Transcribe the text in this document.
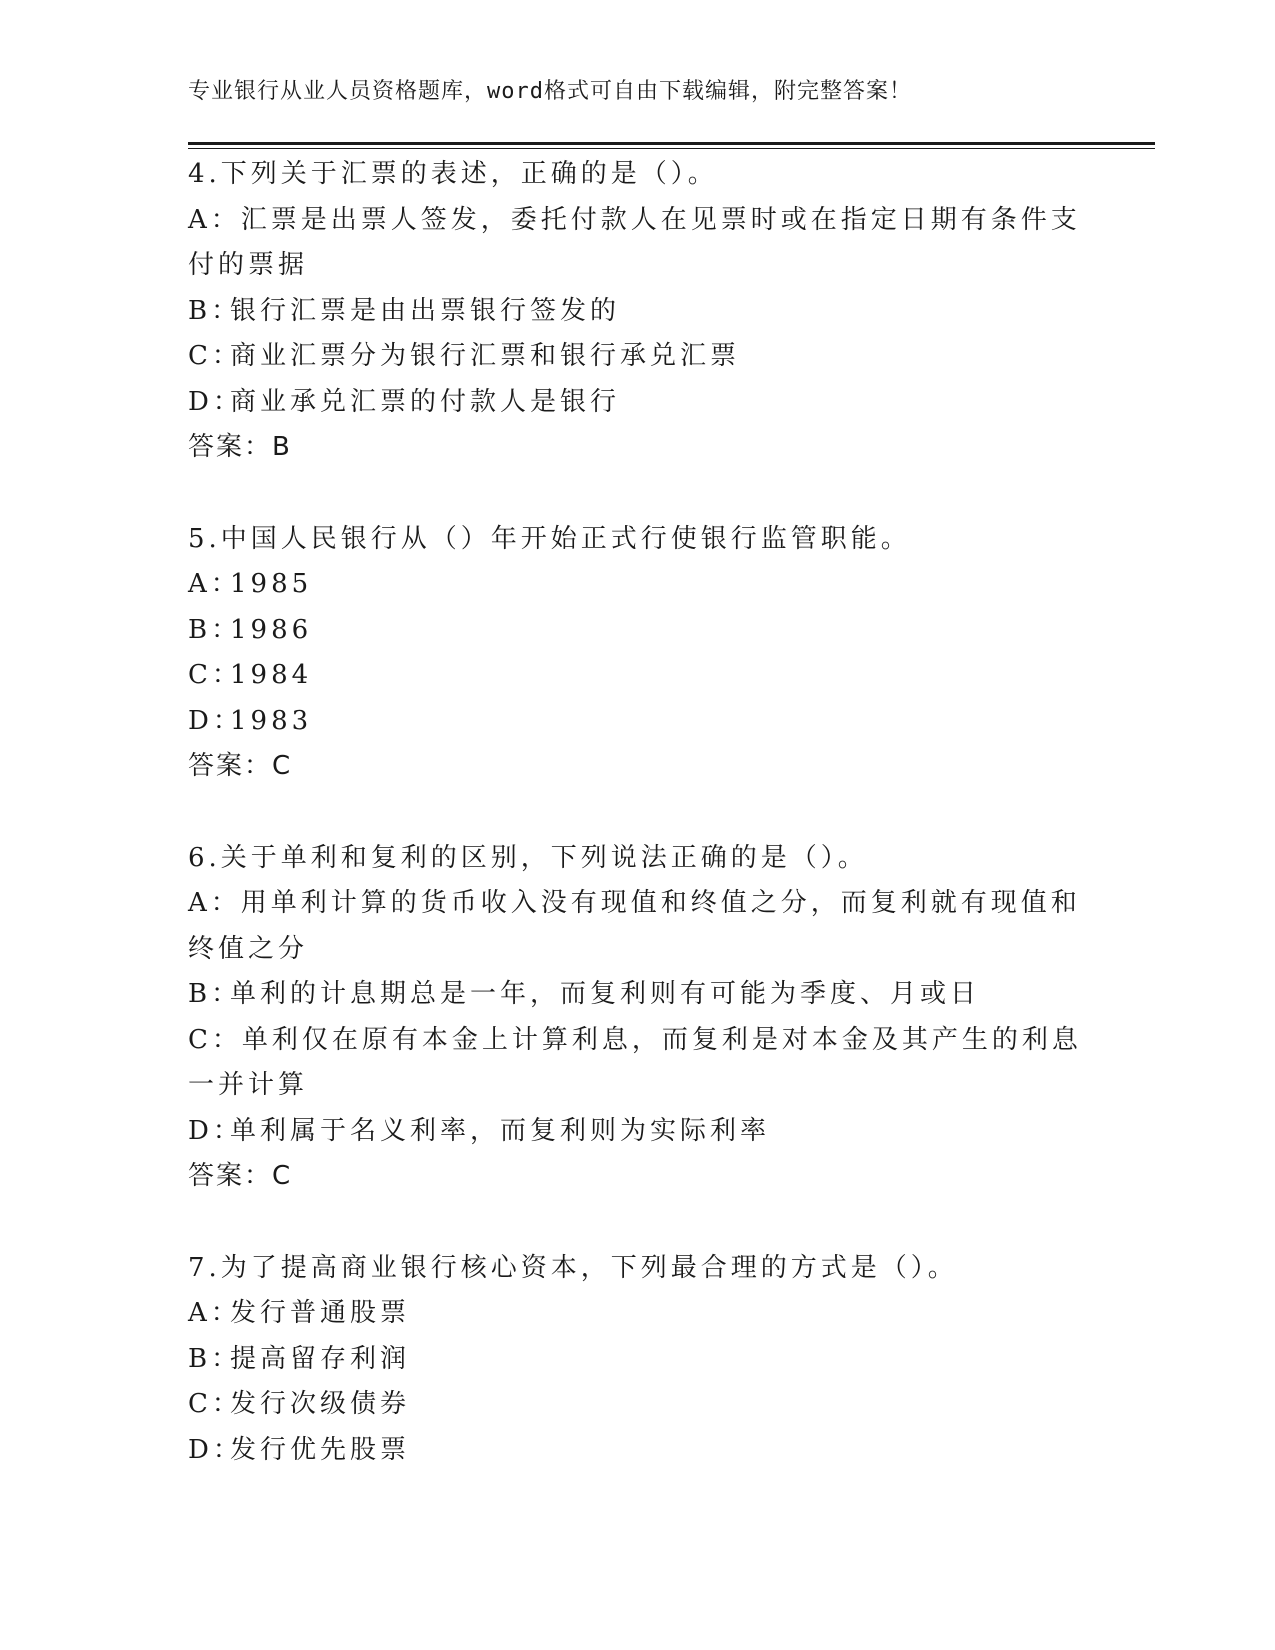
专业银行从业人员资格题库，word格式可自由下载编辑，附完整答案！
4.下列关于汇票的表述，正确的是（）。
A：汇票是出票人签发，委托付款人在见票时或在指定日期有条件支付的票据
B：
银行汇票是由出票银行签发的
C：
商业汇票分为银行汇票和银行承兑汇票
D：
商业承兑汇票的付款人是银行
答案：B
5.中国人民银行从（）年开始正式行使银行监管职能。
A：
1985
B：
1986
C：
1984
D：
1983
答案：C
6.关于单利和复利的区别，下列说法正确的是（）。
A：用单利计算的货币收入没有现值和终值之分，而复利就有现值和终值之分
B：
单利的计息期总是一年，而复利则有可能为季度、月或日
C：单利仅在原有本金上计算利息，而复利是对本金及其产生的利息一并计算
D：
单利属于名义利率，而复利则为实际利率
答案：C
7.为了提高商业银行核心资本，下列最合理的方式是（）。
A：
发行普通股票
B：
提高留存利润
C：
发行次级债券
D：
发行优先股票
